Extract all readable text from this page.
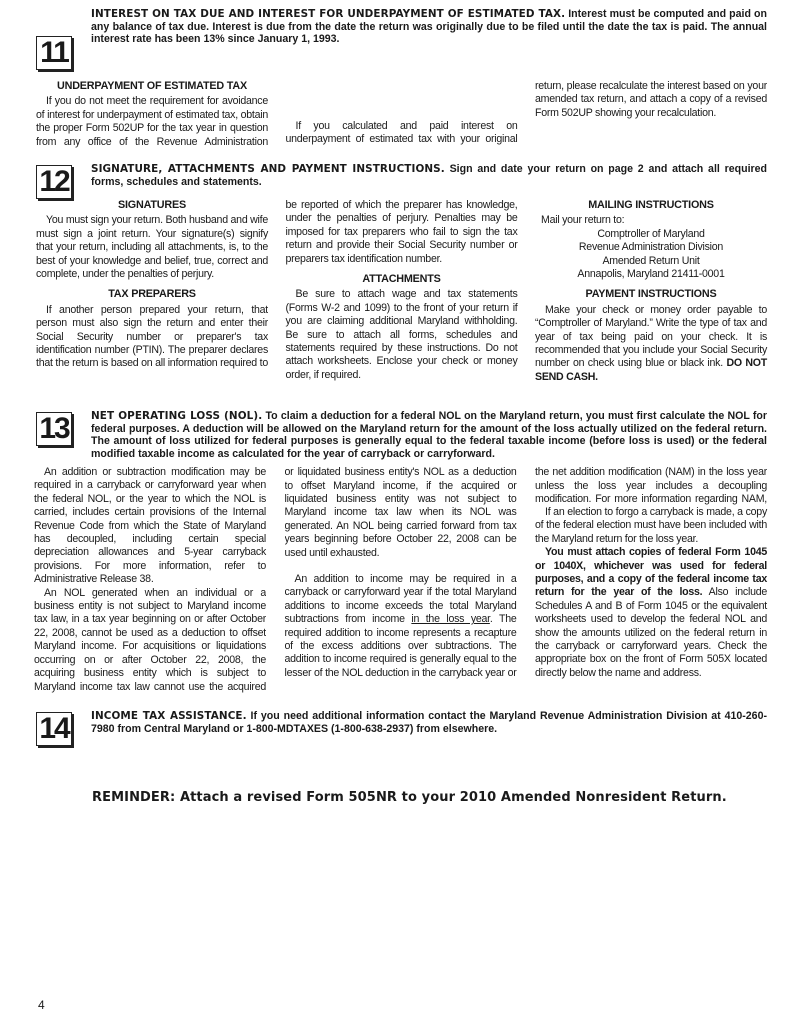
11
INTEREST ON TAX DUE AND INTEREST FOR UNDERPAYMENT OF ESTIMATED TAX. Interest must be computed and paid on any balance of tax due. Interest is due from the date the return was originally due to be filed until the date the tax is paid. The annual interest rate has been 13% since January 1, 1993.
UNDERPAYMENT OF ESTIMATED TAX

If you do not meet the requirement for avoidance of interest for underpayment of estimated tax, obtain the proper Form 502UP for the tax year in question from any office of the Revenue Administration

If you calculated and paid interest on underpayment of estimated tax with your original

return, please recalculate the interest based on your amended tax return, and attach a copy of a revised Form 502UP showing your recalculation.

12	SIGNATURE, ATTACHMENTS AND PAYMENT INSTRUCTIONS. Sign and date your return on page 2 and attach all required forms, schedules and statements.
SIGNATURES

You must sign your return. Both husband and wife must sign a joint return. Your signature(s) signify that your return, including all attachments, is, to the best of your knowledge and belief, true, correct and complete, under the penalties of perjury.

TAX PREPARERS

If another person prepared your return, that person must also sign the return and enter their Social Security number or preparer's tax identification number (PTIN). The preparer declares that the return is based on all information required to

be reported of which the preparer has knowledge, under the penalties of perjury. Penalties may be imposed for tax preparers who fail to sign the tax return and provide their Social Security number or preparers tax identification number.

ATTACHMENTS

Be sure to attach wage and tax statements (Forms W-2 and 1099) to the front of your return if you are claiming additional Maryland withholding. Be sure to attach all forms, schedules and statements required by these instructions. Do not attach worksheets. Enclose your check or money order, if required.

MAILING INSTRUCTIONS

Mail your return to:

Comptroller of Maryland
Revenue Administration Division
Amended Return Unit
Annapolis, Maryland 21411-0001
PAYMENT INSTRUCTIONS

Make your check or money order payable to “Comptroller of Maryland.” Write the type of tax and year of tax being paid on your check. It is recommended that you include your Social Security number on check using blue or black ink. DO NOT SEND CASH.

13	NET OPERATING LOSS (NOL). To claim a deduction for a federal NOL on the Maryland return, you must first calculate the NOL for federal purposes. A deduction will be allowed on the Maryland return for the amount of the loss actually utilized on the federal return. The amount of loss utilized for federal purposes is generally equal to the federal taxable income (before loss is used) or the federal modified taxable income as calculated for the year of carryback or carryforward.

An addition or subtraction modification may be required in a carryback or carryforward year when the federal NOL, or the year to which the NOL is carried, includes certain provisions of the Internal Revenue Code from which the State of Maryland has decoupled, including certain special depreciation allowances and 5-year carryback provisions. For more information, refer to Administrative Release 38.

An NOL generated when an individual or a business entity is not subject to Maryland income tax law, in a tax year beginning on or after October 22, 2008, cannot be used as a deduction to offset Maryland income. For acquisitions or liquidations occurring on or after October 22, 2008, the acquiring business entity which is subject to Maryland income tax law cannot use the acquired

or liquidated business entity's NOL as a deduction to offset Maryland income, if the acquired or liquidated business entity was not subject to Maryland income tax law when its NOL was generated. An NOL being carried forward from tax years beginning before October 22, 2008 can be used until exhausted.

An addition to income may be required in a carryback or carryforward year if the total Maryland additions to income exceeds the total Maryland subtractions from income in the loss year. The required addition to income represents a recapture of the excess additions over subtractions. The addition to income required is generally equal to the lesser of the NOL deduction in the carryback year or

the net addition modification (NAM) in the loss year unless the loss year includes a decoupling modification. For more information regarding NAM,

If an election to forgo a carryback is made, a copy of the federal election must have been included with the Maryland return for the loss year.

You must attach copies of federal Form 1045 or 1040X, whichever was used for federal purposes, and a copy of the federal income tax return for the year of the loss. Also include Schedules A and B of Form 1045 or the equivalent worksheets used to develop the federal NOL and show the amounts utilized on the federal return in the carryback or carryforward years. Check the appropriate box on the front of Form 505X located directly below the name and address.

14	INCOME TAX ASSISTANCE. If you need additional information contact the Maryland Revenue Administration Division at 410-260-7980 from Central Maryland or 1-800-MDTAXES (1-800-638-2937) from elsewhere.
REMINDER: Attach a revised Form 505NR to your 2010 Amended Nonresident Return.
4
